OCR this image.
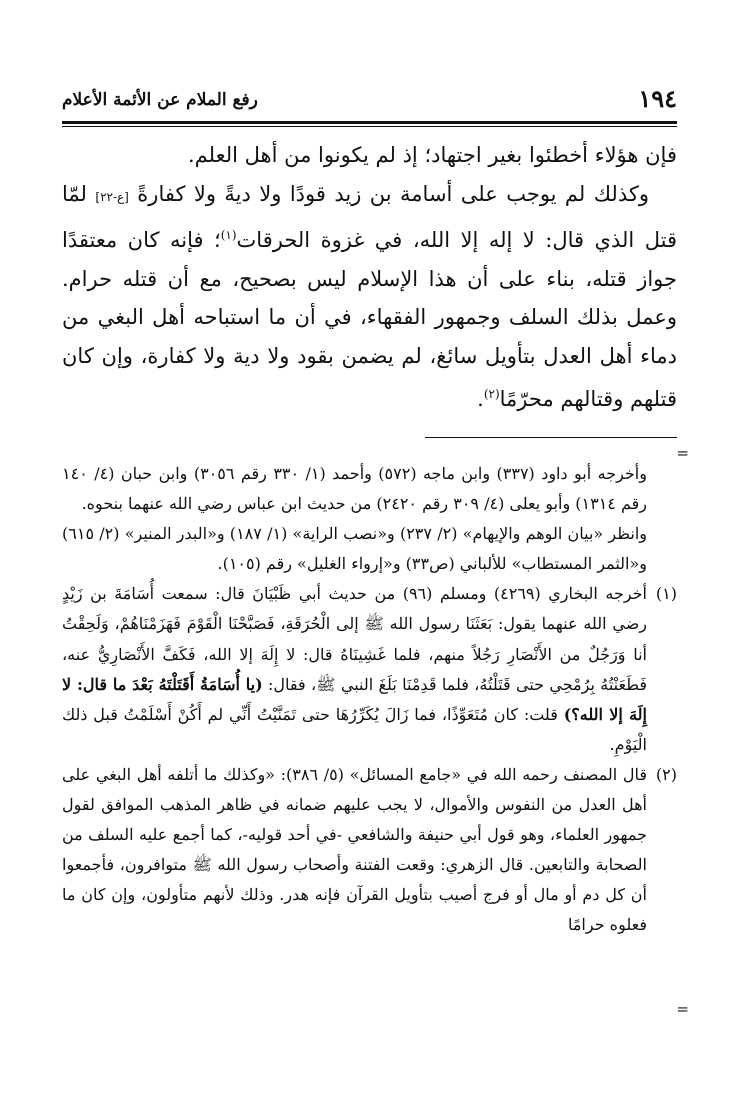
١٩٤
رفع الملام عن الأئمة الأعلام

فإن هؤلاء أخطئوا بغير اجتهاد؛ إذ لم يكونوا من أهل العلم.

وكذلك لم يوجب على أسامة بن زيد قودًا ولا ديةً ولا كفارةً [ع-٢٢] لمّا قتل الذي قال: لا إله إلا الله، في غزوة الحرقات$^{(١)}$؛ فإنه كان معتقدًا جواز قتله، بناء على أن هذا الإسلام ليس بصحيح، مع أن قتله حرام. وعمل بذلك السلف وجمهور الفقهاء، في أن ما استباحه أهل البغي من دماء أهل العدل بتأويل سائغ، لم يضمن بقود ولا دية ولا كفارة، وإن كان قتلهم وقتالهم محرّمًا$^{(٢)}$.

=

وأخرجه أبو داود (٣٣٧) وابن ماجه (٥٧٢) وأحمد (١/ ٣٣٠ رقم ٣٠٥٦) وابن حبان (٤/ ١٤٠ رقم ١٣١٤) وأبو يعلى (٤/ ٣٠٩ رقم ٢٤٢٠) من حديث ابن عباس رضي الله عنهما بنحوه.

وانظر «بيان الوهم والإيهام» (٢/ ٢٣٧) و«نصب الراية» (١/ ١٨٧) و«البدر المنير» (٢/ ٦١٥) و«الثمر المستطاب» للألباني (ص٣٣) و«إرواء الغليل» رقم (١٠٥).

(١)أخرجه البخاري (٤٢٦٩) ومسلم (٩٦) من حديث أبي ظَبْيَانَ قال: سمعت أُسَامَةَ بن زَيْدٍ رضي الله عنهما يقول: بَعَثَنَا رسول الله ﷺ إلى الْحُرَقَةِ، فَصَبَّحْنَا الْقَوْمَ فَهَزَمْنَاهُمْ، وَلَحِقْتُ أنا وَرَجُلٌ من الأَنْصَارِ رَجُلاً منهم، فلما غَشِينَاهُ قال: لا إِلَهَ إلا الله، فَكَفَّ الأَنْصَارِيُّ عنه، فَطَعَنْتُهُ بِرُمْحِي حتى قَتَلْتُهُ، فلما قَدِمْنَا بَلَغَ النبي ﷺ، فقال: (يا أُسَامَةُ أَقَتَلْتَهُ بَعْدَ ما قال: لا إِلَهَ إلا الله؟) قلت: كان مُتَعَوِّذًا، فما زَالَ يُكَرِّرُهَا حتى تَمَنَّيْتُ أَنِّي لم أَكُنْ أَسْلَمْتُ قبل ذلك الْيَوْمِ.

(٢)قال المصنف رحمه الله في «جامع المسائل» (٥/ ٣٨٦): «وكذلك ما أتلفه أهل البغي على أهل العدل من النفوس والأموال، لا يجب عليهم ضمانه في ظاهر المذهب الموافق لقول جمهور العلماء، وهو قول أبي حنيفة والشافعي -في أحد قوليه-، كما أجمع عليه السلف من الصحابة والتابعين. قال الزهري: وقعت الفتنة وأصحاب رسول الله ﷺ متوافرون، فأجمعوا أن كل دم أو مال أو فرج أصيب بتأويل القرآن فإنه هدر. وذلك لأنهم متأولون، وإن كان ما فعلوه حرامًا

=
